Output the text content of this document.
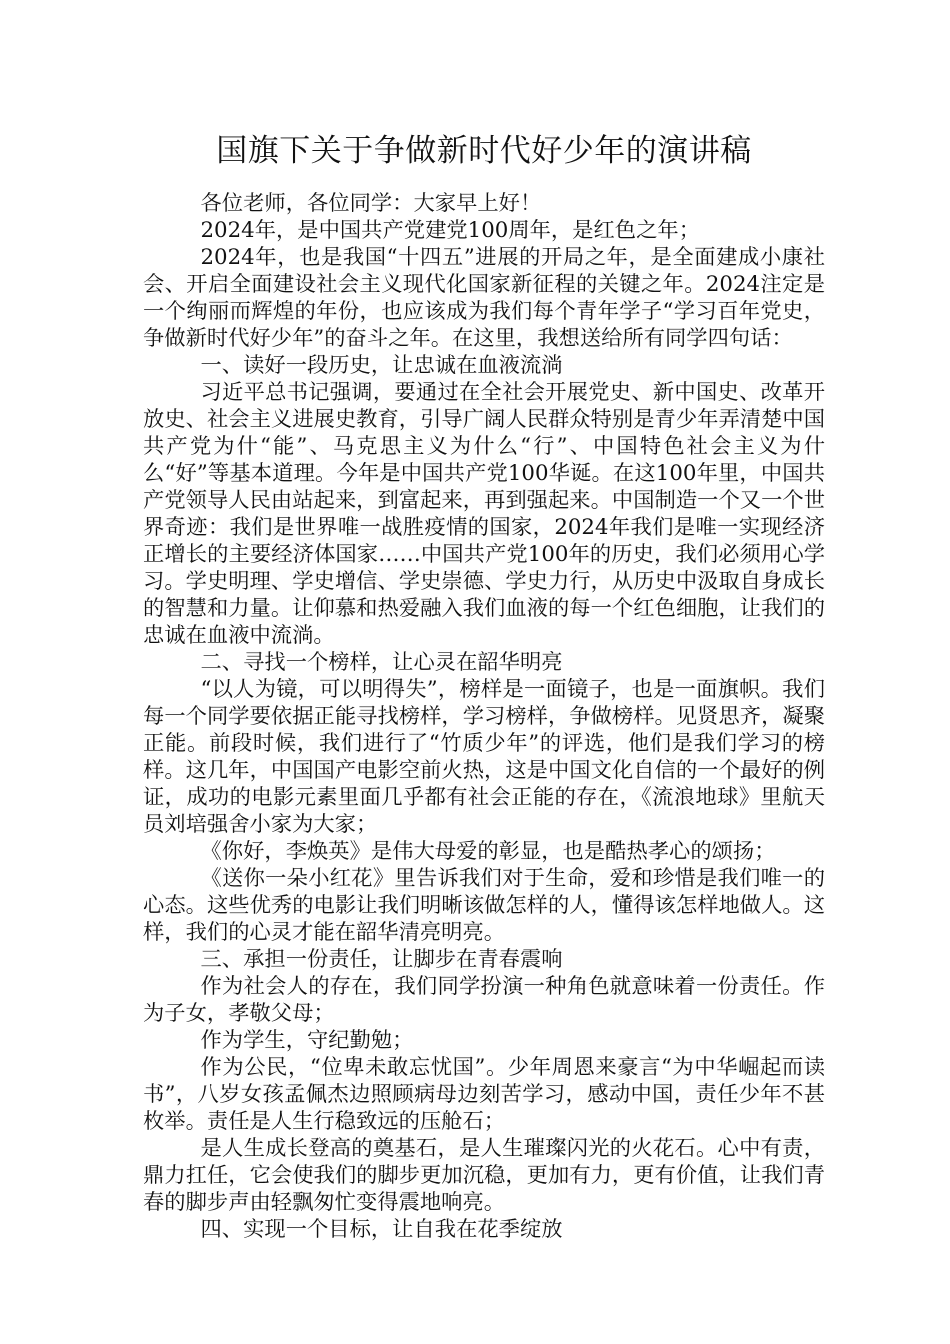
国旗下关于争做新时代好少年的演讲稿

各位老师，各位同学：大家早上好！

2024年，是中国共产党建党100周年，是红色之年；

2024年，也是我国“十四五”进展的开局之年，是全面建成小康社会、开启全面建设社会主义现代化国家新征程的关键之年。2024注定是一个绚丽而辉煌的年份，也应该成为我们每个青年学子“学习百年党史，争做新时代好少年”的奋斗之年。在这里，我想送给所有同学四句话：

一、读好一段历史，让忠诚在血液流淌

习近平总书记强调，要通过在全社会开展党史、新中国史、改革开放史、社会主义进展史教育，引导广阔人民群众特别是青少年弄清楚中国共产党为什“能”、马克思主义为什么“行”、中国特色社会主义为什么“好”等基本道理。今年是中国共产党100华诞。在这100年里，中国共产党领导人民由站起来，到富起来，再到强起来。中国制造一个又一个世界奇迹：我们是世界唯一战胜疫情的国家，2024年我们是唯一实现经济正增长的主要经济体国家……中国共产党100年的历史，我们必须用心学习。学史明理、学史增信、学史崇德、学史力行，从历史中汲取自身成长的智慧和力量。让仰慕和热爱融入我们血液的每一个红色细胞，让我们的忠诚在血液中流淌。

二、寻找一个榜样，让心灵在韶华明亮

“以人为镜，可以明得失”，榜样是一面镜子，也是一面旗帜。我们每一个同学要依据正能寻找榜样，学习榜样，争做榜样。见贤思齐，凝聚正能。前段时候，我们进行了“竹质少年”的评选，他们是我们学习的榜样。这几年，中国国产电影空前火热，这是中国文化自信的一个最好的例证，成功的电影元素里面几乎都有社会正能的存在，《流浪地球》里航天员刘培强舍小家为大家；

《你好，李焕英》是伟大母爱的彰显，也是酷热孝心的颂扬；

《送你一朵小红花》里告诉我们对于生命，爱和珍惜是我们唯一的心态。这些优秀的电影让我们明晰该做怎样的人，懂得该怎样地做人。这样，我们的心灵才能在韶华清亮明亮。

三、承担一份责任，让脚步在青春震响

作为社会人的存在，我们同学扮演一种角色就意味着一份责任。作为子女，孝敬父母；

作为学生，守纪勤勉；

作为公民，“位卑未敢忘忧国”。少年周恩来豪言“为中华崛起而读书”，八岁女孩孟佩杰边照顾病母边刻苦学习，感动中国，责任少年不甚枚举。责任是人生行稳致远的压舱石；

是人生成长登高的奠基石，是人生璀璨闪光的火花石。心中有责，鼎力扛任，它会使我们的脚步更加沉稳，更加有力，更有价值，让我们青春的脚步声由轻飘匆忙变得震地响亮。

四、实现一个目标，让自我在花季绽放
